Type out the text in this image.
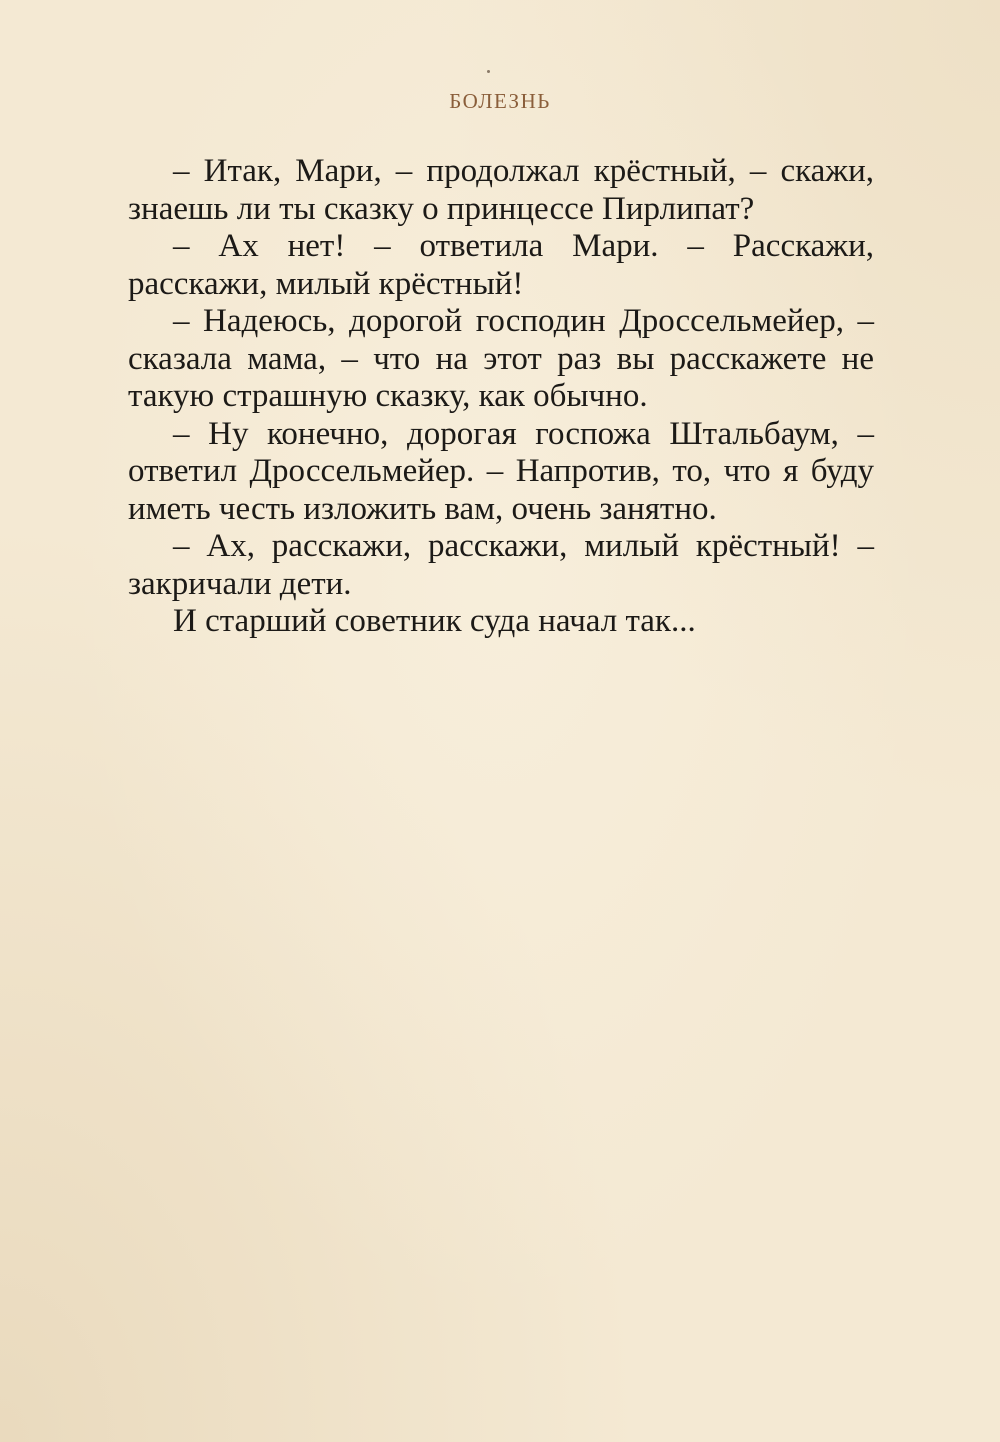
БОЛЕЗНЬ

– Итак, Мари, – продолжал крёстный, – скажи, знаешь ли ты сказку о принцессе Пирлипат?

– Ах нет! – ответила Мари. – Расскажи, расскажи, милый крёстный!

– Надеюсь, дорогой господин Дроссельмейер, – сказала мама, – что на этот раз вы расскажете не такую страшную сказку, как обычно.

– Ну конечно, дорогая госпожа Штальбаум, – ответил Дроссельмейер. – Напротив, то, что я буду иметь честь изложить вам, очень занятно.

– Ах, расскажи, расскажи, милый крёстный! – закричали дети.

И старший советник суда начал так...
